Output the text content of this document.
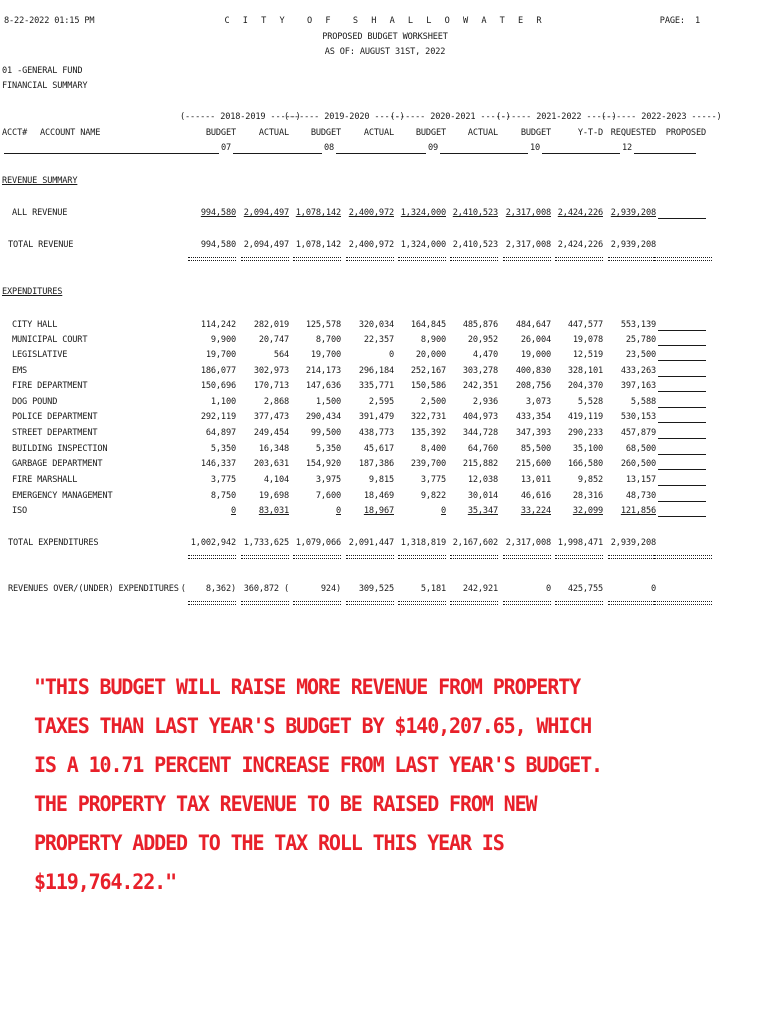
8-22-2022 01:15 PM	C I T Y  O F  S H A L L O W A T E R
PROPOSED BUDGET WORKSHEET
AS OF: AUGUST 31ST, 2022
PAGE:  1
01 -GENERAL FUND
FINANCIAL SUMMARY
ACCT# ACCOUNT NAME
(------ 2018-2019 -----)
(------ 2019-2020 -----)
(------ 2020-2021 -----)
(------ 2021-2022 -----)
(------ 2022-2023 -----)
BUDGET	ACTUAL	BUDGET	ACTUAL	BUDGET	ACTUAL	BUDGET	Y-T-D REQUESTED	PROPOSED
07	08	09	10	12
REVENUE SUMMARY
ALL REVENUE	994,580 2,094,497 1,078,142 2,400,972 1,324,000 2,410,523 2,317,008 2,424,226 2,939,208
TOTAL REVENUE	994,580 2,094,497 1,078,142 2,400,972 1,324,000 2,410,523 2,317,008 2,424,226 2,939,208
EXPENDITURES
CITY HALL	114,242	282,019	125,578	320,034	164,845	485,876	484,647	447,577	553,139
MUNICIPAL COURT	9,900	20,747	8,700	22,357	8,900	20,952	26,004	19,078	25,780
LEGISLATIVE	19,700	564	19,700	0	20,000	4,470	19,000	12,519	23,500
EMS	186,077	302,973	214,173	296,184	252,167	303,278	400,830	328,101	433,263
FIRE DEPARTMENT	150,696	170,713	147,636	335,771	150,586	242,351	208,756	204,370	397,163
DOG POUND	1,100	2,868	1,500	2,595	2,500	2,936	3,073	5,528	5,588
POLICE DEPARTMENT	292,119	377,473	290,434	391,479	322,731	404,973	433,354	419,119	530,153
STREET DEPARTMENT	64,897	249,454	99,500	438,773	135,392	344,728	347,393	290,233	457,879
BUILDING INSPECTION	5,350	16,348	5,350	45,617	8,400	64,760	85,500	35,100	68,500
GARBAGE DEPARTMENT	146,337	203,631	154,920	187,386	239,700	215,882	215,600	166,580	260,500
FIRE MARSHALL	3,775	4,104	3,975	9,815	3,775	12,038	13,011	9,852	13,157
EMERGENCY MANAGEMENT	8,750	19,698	7,600	18,469	9,822	30,014	46,616	28,316	48,730
ISO	0	83,031	0	18,967	0	35,347	33,224	32,099	121,856
TOTAL EXPENDITURES	1,002,942 1,733,625 1,079,066 2,091,447 1,318,819 2,167,602 2,317,008 1,998,471 2,939,208
REVENUES OVER/(UNDER) EXPENDITURES (    8,362) 360,872 (	924)	309,525	5,181	242,921	0	425,755	0
"THIS BUDGET WILL RAISE MORE REVENUE FROM PROPERTY
TAXES THAN LAST YEAR'S BUDGET BY $140,207.65, WHICH
IS A 10.71 PERCENT INCREASE FROM LAST YEAR'S BUDGET.
THE PROPERTY TAX REVENUE TO BE RAISED FROM NEW
PROPERTY ADDED TO THE TAX ROLL THIS YEAR IS
$119,764.22."
